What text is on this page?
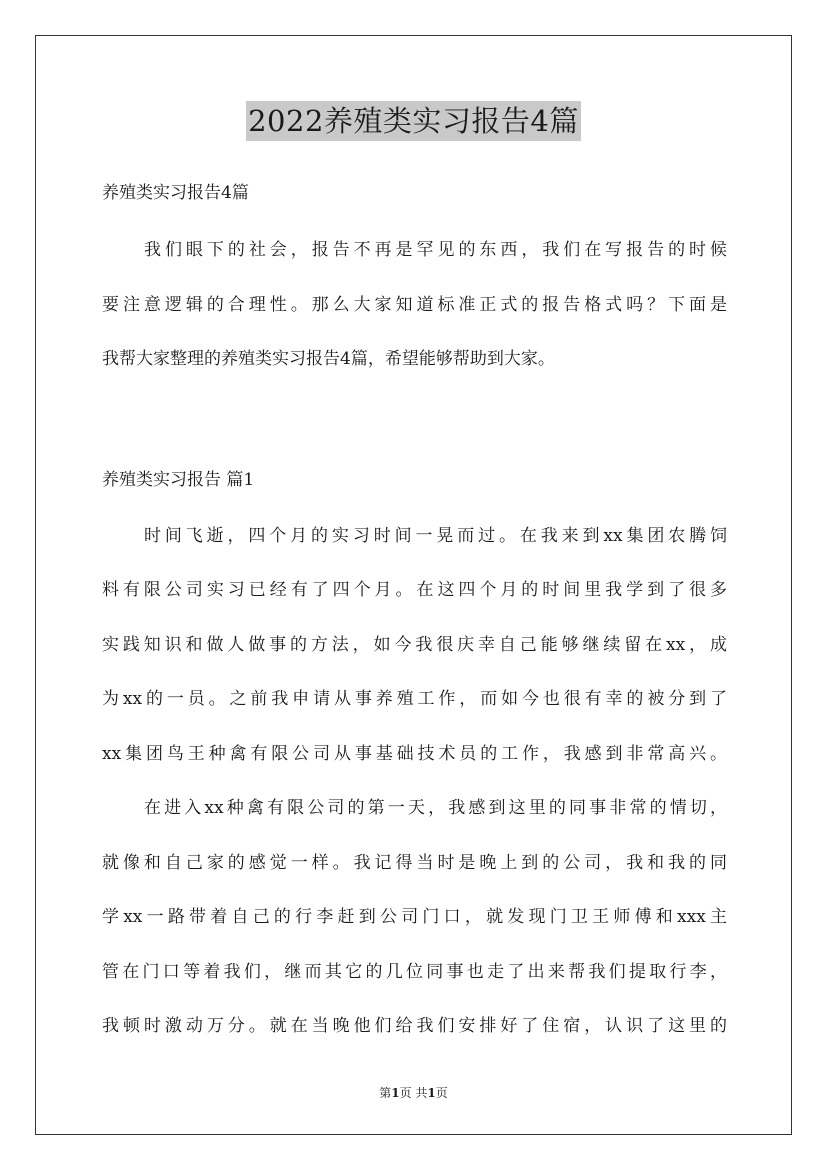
2022养殖类实习报告4篇

养殖类实习报告4篇

我们眼下的社会，报告不再是罕见的东西，我们在写报告的时候
要注意逻辑的合理性。那么大家知道标准正式的报告格式吗？下面是
我帮大家整理的养殖类实习报告4篇，希望能够帮助到大家。

养殖类实习报告 篇1

时间飞逝，四个月的实习时间一晃而过。在我来到xx集团农腾饲
料有限公司实习已经有了四个月。在这四个月的时间里我学到了很多
实践知识和做人做事的方法，如今我很庆幸自己能够继续留在xx，成
为xx的一员。之前我申请从事养殖工作，而如今也很有幸的被分到了
xx集团鸟王种禽有限公司从事基础技术员的工作，我感到非常高兴。

在进入xx种禽有限公司的第一天，我感到这里的同事非常的情切，
就像和自己家的感觉一样。我记得当时是晚上到的公司，我和我的同
学xx一路带着自己的行李赶到公司门口，就发现门卫王师傅和xxx主
管在门口等着我们，继而其它的几位同事也走了出来帮我们提取行李，
我顿时激动万分。就在当晚他们给我们安排好了住宿，认识了这里的

第1页 共1页
